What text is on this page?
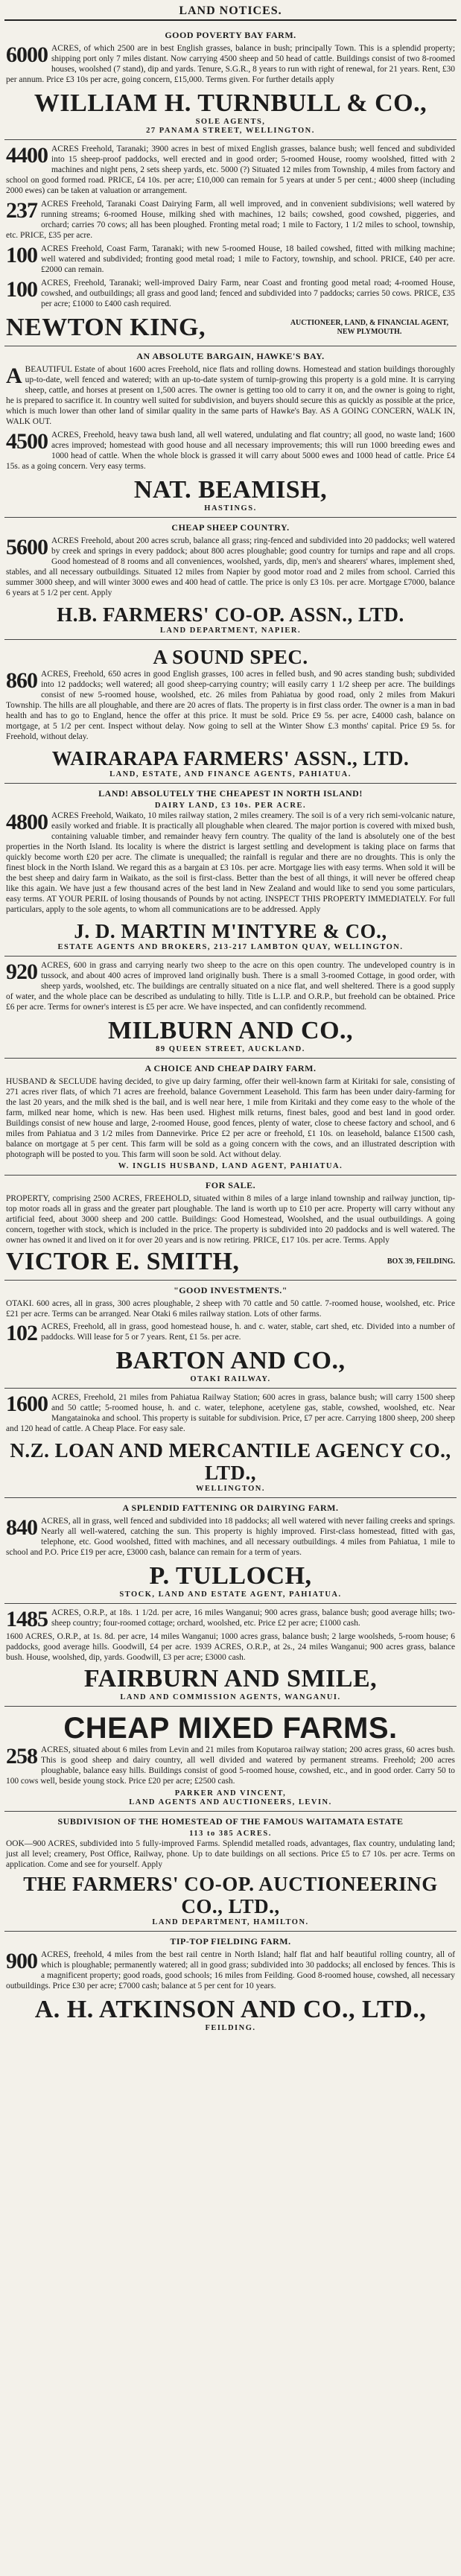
LAND NOTICES.
GOOD POVERTY BAY FARM.
6000 ACRES, of which 2500 are in best English grasses, balance in bush; principally Town. This is a splendid property; shipping port only 7 miles distant. Now carrying 4500 sheep and 50 head of cattle. Buildings consist of two 8-roomed houses, woolshed (7 stand), dip and yards. Tenure, S.G.R., 8 years to run with right of renewal, for 21 years. Rent, £30 per annum. Price £3 10s per acre, going concern, £15,000. Terms given. For further details apply
WILLIAM H. TURNBULL & CO.,
SOLE AGENTS,
27 PANAMA STREET, WELLINGTON.
4400 ACRES Freehold, Taranaki; 3900 acres in best of mixed English grasses, balance bush; well fenced and subdivided into 15 sheep-proof paddocks, well erected and in good order; 5-roomed House, roomy woolshed, fitted with 2 machines and night pens, 2 sets sheep yards, etc. 5000 (?) Situated 12 miles from Township, 4 miles from factory and school on good formed road. PRICE, £4 10s. per acre; £10,000 can remain for 5 years at under 5 per cent.; 4000 sheep (including 2000 ewes) can be taken at valuation or arrangement.
237 ACRES Freehold, Taranaki Coast Dairying Farm, all well improved, and in convenient subdivisions; well watered by running streams; 6-roomed House, milking shed with machines, 12 bails; cowshed, good cowshed, piggeries, and orchard; carries 70 cows; all has been ploughed. Fronting metal road; 1 mile to Factory, 1 1/2 miles to school, township, etc. PRICE, £35 per acre.
100 ACRES Freehold, Coast Farm, Taranaki; with new 5-roomed House, 18 bailed cowshed, fitted with milking machine; well watered and subdivided; fronting good metal road; 1 mile to Factory, township, and school. PRICE, £40 per acre. £2000 can remain.
100 ACRES, Freehold, Taranaki; well-improved Dairy Farm, near Coast and fronting good metal road; 4-roomed House, cowshed, and outbuildings; all grass and good land; fenced and subdivided into 7 paddocks; carries 50 cows. PRICE, £35 per acre; £1000 to £400 cash required.
NEWTON KING,	AUCTIONEER, LAND, & FINANCIAL AGENT, NEW PLYMOUTH.
AN ABSOLUTE BARGAIN, HAWKE'S BAY.
ABEAUTIFUL Estate of about 1600 acres Freehold, nice flats and rolling downs. Homestead and station buildings thoroughly up-to-date, well fenced and watered; with an up-to-date system of turnip-growing this property is a gold mine. It is carrying sheep, cattle, and horses at present on 1,500 acres. The owner is getting too old to carry it on, and the owner is going to right, he is prepared to sacrifice it. In country well suited for subdivision, and buyers should secure this as quickly as possible at the price, which is much lower than other land of similar quality in the same parts of Hawke's Bay. AS A GOING CONCERN, WALK IN, WALK OUT.
4500 ACRES, Freehold, heavy tawa bush land, all well watered, undulating and flat country; all good, no waste land; 1600 acres improved; homestead with good house and all necessary improvements; this will run 1000 breeding ewes and 1000 head of cattle. When the whole block is grassed it will carry about 5000 ewes and 1000 head of cattle. Price £4 15s. as a going concern. Very easy terms.
NAT. BEAMISH,
HASTINGS.
CHEAP SHEEP COUNTRY.
5600 ACRES Freehold, about 200 acres scrub, balance all grass; ring-fenced and subdivided into 20 paddocks; well watered by creek and springs in every paddock; about 800 acres ploughable; good country for turnips and rape and all crops. Good homestead of 8 rooms and all conveniences, woolshed, yards, dip, men's and shearers' whares, implement shed, stables, and all necessary outbuildings. Situated 12 miles from Napier by good motor road and 2 miles from school. Carried this summer 3000 sheep, and will winter 3000 ewes and 400 head of cattle. The price is only £3 10s. per acre. Mortgage £7000, balance 6 years at 5 1/2 per cent. Apply
H.B. FARMERS' CO-OP. ASSN., LTD.
LAND DEPARTMENT, NAPIER.
A SOUND SPEC.
860 ACRES, Freehold, 650 acres in good English grasses, 100 acres in felled bush, and 90 acres standing bush; subdivided into 12 paddocks; well watered; all good sheep-carrying country; will easily carry 1 1/2 sheep per acre. The buildings consist of new 5-roomed house, woolshed, etc. 26 miles from Pahiatua by good road, only 2 miles from Makuri Township. The hills are all ploughable, and there are 20 acres of flats. The property is in first class order. The owner is a man in bad health and has to go to England, hence the offer at this price. It must be sold. Price £9 5s. per acre, £4000 cash, balance on mortgage, at 5 1/2 per cent. Inspect without delay. Now going to sell at the Winter Show £.3 months' capital. Price £9 5s. for Freehold, without delay.
WAIRARAPA FARMERS' ASSN., LTD.
LAND, ESTATE, AND FINANCE AGENTS, PAHIATUA.
LAND! ABSOLUTELY THE CHEAPEST IN NORTH ISLAND!
DAIRY LAND, £3 10s. PER ACRE.
4800 ACRES Freehold, Waikato, 10 miles railway station, 2 miles creamery. The soil is of a very rich semi-volcanic nature, easily worked and friable. It is practically all ploughable when cleared. The major portion is covered with mixed bush, containing valuable timber, and remainder heavy fern country. The quality of the land is absolutely one of the best properties in the North Island. Its locality is where the district is largest settling and development is taking place on farms that quickly become worth £20 per acre. The climate is unequalled; the rainfall is regular and there are no droughts. This is only the finest block in the North Island. We regard this as a bargain at £3 10s. per acre. Mortgage lies with easy terms. When sold it will be the best sheep and dairy farm in Waikato, as the soil is first-class. Better than the best of all things, it will never be offered cheap like this again. We have just a few thousand acres of the best land in New Zealand and would like to send you some particulars, easy terms. AT YOUR PERIL of losing thousands of Pounds by not acting. INSPECT THIS PROPERTY IMMEDIATELY. For full particulars, apply to the sole agents, to whom all communications are to be addressed. Apply
J. D. MARTIN M'INTYRE & CO.,
ESTATE AGENTS AND BROKERS, 213-217 LAMBTON QUAY, WELLINGTON.
920 ACRES, 600 in grass and carrying nearly two sheep to the acre on this open country. The undeveloped country is in tussock, and about 400 acres of improved land originally bush. There is a small 3-roomed Cottage, in good order, with sheep yards, woolshed, etc. The buildings are centrally situated on a nice flat, and well sheltered. There is a good supply of water, and the whole place can be described as undulating to hilly. Title is L.I.P. and O.R.P., but freehold can be obtained. Price £6 per acre. Terms for owner's interest is £5 per acre. We have inspected, and can confidently recommend.
MILBURN AND CO.,
89 QUEEN STREET, AUCKLAND.
A CHOICE AND CHEAP DAIRY FARM.
HUSBAND & SECLUDE having decided, to give up dairy farming, offer their well-known farm at Kiritaki for sale, consisting of 271 acres river flats, of which 71 acres are freehold, balance Government Leasehold. This farm has been under dairy-farming for the last 20 years, and the milk shed is the bail, and is well near here, 1 mile from Kiritaki and they come easy to the whole of the farm, milked near home, which is new. Has been used. Highest milk returns, finest bales, good and best land in good order. Buildings consist of new house and large, 2-roomed House, good fences, plenty of water, close to cheese factory and school, and 6 miles from Pahiatua and 3 1/2 miles from Dannevirke. Price £2 per acre or freehold, £1 10s. on leasehold, balance £1500 cash, balance on mortgage at 5 per cent. This farm will be sold as a going concern with the cows, and an illustrated description with photograph will be posted to you. This farm will soon be sold. Act without delay.
W. INGLIS HUSBAND, LAND AGENT, PAHIATUA.
FOR SALE.
PROPERTY, comprising 2500 ACRES, FREEHOLD, situated within 8 miles of a large inland township and railway junction, tip-top motor roads all in grass and the greater part ploughable. The land is worth up to £10 per acre. Property will carry without any artificial feed, about 3000 sheep and 200 cattle. Buildings: Good Homestead, Woolshed, and the usual outbuildings. A going concern, together with stock, which is included in the price. The property is subdivided into 20 paddocks and is well watered. The owner has owned it and lived on it for over 20 years and is now retiring. PRICE, £17 10s. per acre. Terms. Apply
VICTOR E. SMITH,	BOX 39, FEILDING.
"GOOD INVESTMENTS."
OTAKI. 600 acres, all in grass, 300 acres ploughable, 2 sheep with 70 cattle and 50 cattle. 7-roomed house, woolshed, etc. Price £21 per acre. Terms can be arranged. Near Otaki 6 miles railway station. Lots of other farms.
102 ACRES, Freehold, all in grass, good homestead house, h. and c. water, stable, cart shed, etc. Divided into a number of paddocks. Will lease for 5 or 7 years. Rent, £1 5s. per acre.
BARTON AND CO.,
OTAKI RAILWAY.
1600 ACRES, Freehold, 21 miles from Pahiatua Railway Station; 600 acres in grass, balance bush; will carry 1500 sheep and 50 cattle; 5-roomed house, h. and c. water, telephone, acetylene gas, stable, cowshed, woolshed, etc. Near Mangatainoka and school. This property is suitable for subdivision. Price, £7 per acre. Carrying 1800 sheep, 200 sheep and 120 head of cattle. A Cheap Place. For easy sale.
N.Z. LOAN AND MERCANTILE AGENCY CO., LTD.,
WELLINGTON.
A SPLENDID FATTENING OR DAIRYING FARM.
840 ACRES, all in grass, well fenced and subdivided into 18 paddocks; all well watered with never failing creeks and springs. Nearly all well-watered, catching the sun. This property is highly improved. First-class homestead, fitted with gas, telephone, etc. Good woolshed, fitted with machines, and all necessary outbuildings. 4 miles from Pahiatua, 1 mile to school and P.O. Price £19 per acre, £3000 cash, balance can remain for a term of years.
P. TULLOCH,
STOCK, LAND AND ESTATE AGENT, PAHIATUA.
1485 ACRES, O.R.P., at 18s. 1 1/2d. per acre, 16 miles Wanganui; 900 acres grass, balance bush; good average hills; two-sheep country; four-roomed cottage; orchard, woolshed, etc. Price £2 per acre; £1000 cash.
1600 ACRES, O.R.P., at 1s. 8d. per acre, 14 miles Wanganui; 1000 acres grass, balance bush; 2 large woolsheds, 5-room house; 6 paddocks, good average hills. Goodwill, £4 per acre. 1939 ACRES, O.R.P., at 2s., 24 miles Wanganui; 900 acres grass, balance bush. House, woolshed, dip, yards. Goodwill, £3 per acre; £3000 cash.
FAIRBURN AND SMILE,
LAND AND COMMISSION AGENTS, WANGANUI.
CHEAP MIXED FARMS.
258 ACRES, situated about 6 miles from Levin and 21 miles from Koputaroa railway station; 200 acres grass, 60 acres bush. This is good sheep and dairy country, all well divided and watered by permanent streams. Freehold; 200 acres ploughable, balance easy hills. Buildings consist of good 5-roomed house, cowshed, etc., and in good order. Carry 50 to 100 cows well, beside young stock. Price £20 per acre; £2500 cash.
PARKER AND VINCENT,
LAND AGENTS AND AUCTIONEERS, LEVIN.
SUBDIVISION OF THE HOMESTEAD OF THE FAMOUS WAITAMATA ESTATE
113 to 385 ACRES.
OOK—900 ACRES, subdivided into 5 fully-improved Farms. Splendid metalled roads, advantages, flax country, undulating land; just all level; creamery, Post Office, Railway, phone. Up to date buildings on all sections. Price £5 to £7 10s. per acre. Terms on application. Come and see for yourself. Apply
THE FARMERS' CO-OP. AUCTIONEERING CO., LTD.,
LAND DEPARTMENT, HAMILTON.
TIP-TOP FIELDING FARM.
900 ACRES, freehold, 4 miles from the best rail centre in North Island; half flat and half beautiful rolling country, all of which is ploughable; permanently watered; all in good grass; subdivided into 30 paddocks; all enclosed by fences. This is a magnificent property; good roads, good schools; 16 miles from Feilding. Good 8-roomed house, cowshed, all necessary outbuildings. Price £30 per acre; £7000 cash; balance at 5 per cent for 10 years.
A. H. ATKINSON AND CO., LTD.,
FEILDING.
